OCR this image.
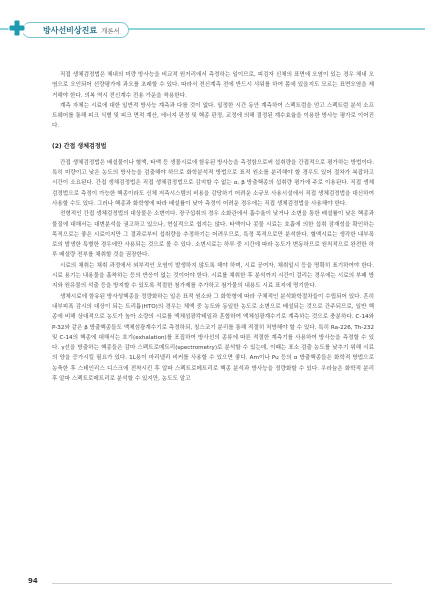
방사선비상진료 개론서

직접 생체검정법은 체내의 미량 방사능을 비교적 원거리에서 측정하는 일이므로, 피검자 신체의 표면에 오염이 있는 경우 체내 오염으로 오인되어 선량평가에 과오를 초래할 수 있다. 따라서 전신계측 전에 반드시 샤워를 하여 몸에 있을지도 모르는 표면오염을 제거해야 한다. 의복 역시 전신계수 전용 가운을 착용한다.

계측 자체는 시료에 대한 일반적 방사능 계측과 다를 것이 없다. 일정한 시간 동안 계측하여 스펙트럼을 얻고 스펙트럼 분석 소프트웨어를 통해 피크 식별 및 피크 면적 계산, 에너지 판정 및 핵종 판정, 교정에 의해 결정된 계수효율을 이용한 방사능 평가로 이어진다.

(2) 간접 생체검정법

간접 생체검정법은 배설물이나 혈액, 타액 등 생물시료에 함유된 방사능을 측정함으로써 섭취량을 간접적으로 평가하는 방법이다. 특히 미량이고 낮은 농도의 방사능을 검출해야 하므로 화학분석적 방법으로 표적 원소를 분리해야 할 경우도 있어 절차가 복잡하고 시간이 소요된다. 간접 생체검정법은 직접 생체검정법으로 감지할 수 없는 α, β 방출핵종의 섭취량 평가에 주로 이용된다. 직접 생체검정법으로 측정이 가능한 핵종이라도 신체 저측시스템의 비용을 감당하기 어려운 소규모 사용시설에서 직접 생체검정법을 대신하여 사용할 수도 있다. 그러나 핵종과 화학형에 따라 배설률이 낮아 측정이 어려운 경우에는 직접 생체검정법을 사용해야 한다.

전형적인 간접 생체검정법의 대상물은 소변이다. 장구섭취의 경우 소화관에서 흡수율이 낮거나 소변을 통한 배설률이 낮은 핵종과 물질에 대해서는 대변분석을 권고하고 있으나, 현실적으로 쉽지는 않다. 타액이나 콧물 시료는 호흡에 의한 섭취 잠재성을 확인하는 목적으로는 좋은 시료이지만 그 결과로부터 섭취량을 추정하기는 어려우므로, 특정 목적으로만 분석한다. 혈액시료는 생각한 내부폭로의 발생한 특별한 경우에만 사용되는 것으로 볼 수 있다. 소변시료는 하루 중 시간에 따라 농도가 변동하므로 원칙적으로 완전한 하루 배설량 전부를 채취할 것을 권장한다.

시료의 채취는 채취 과정에서 외부적인 오염이 발생하지 않도록 해야 하며, 시료 공여자, 채취일시 등을 명확히 표기하여야 한다. 시료 용기는 내용물을 흡착하는 등의 반응이 없는 것이어야 한다. 시료를 채취한 후 분석까지 시간이 걸리는 경우에는 시료의 부패 방지와 원유물의 석출 등을 방지할 수 있도록 적절한 첨가제를 추가하고 첨가물의 내용도 시료 표지에 명기한다.

생체시료에 함유된 방사성핵종을 정량화하는 일은 표적 원소와 그 화학형에 따라 구체적인 분석화학절차들이 수립되어 있다. 흔히 내부피폭 감시의 대상이 되는 트리튬(HTO)의 경우는 체액 중 농도와 동일한 농도로 소변으로 배설되는 것으로 간주되므로, 일반 핵종에 비해 상대적으로 농도가 높아 소량의 시료를 액체섬광칵테일과 혼합하여 액체섬광계수기로 계측하는 것으로 충분하다. C-14와 P-32와 같은 β 방출핵종들도 액체섬광계수기로 측정하되, 칭스코기 분리를 통해 적절히 처방해야 할 수 있다. 특히 Ra-226, Th-232 및 C-14의 핵종에 대해서는 호기(exhalation)를 포집하여 방사선의 종류에 따른 적절한 계측기를 사용하여 방사능을 측정할 수 있다. γ선을 방출하는 핵종들은 감마 스펙트로메트리(spectrometry)로 분석할 수 있는데, 이때는 표소 검출 농도를 낮추기 위해 시료의 양을 증가시킬 필요가 있다. 1L용이 마리넬리 비커를 사용할 수 있으면 좋다. Am이나 Pu 등의 α 방출핵종들은 화학적 방법으로 농축한 후 스테인리스 디스크에 전착시킨 후 알파 스펙트로메트리로 핵종 분석과 방사능을 정량화할 수 있다. 우라늄은 화학적 분리 후 알파 스펙트로메트리로 분석할 수 있지만, 농도도 알고

94
